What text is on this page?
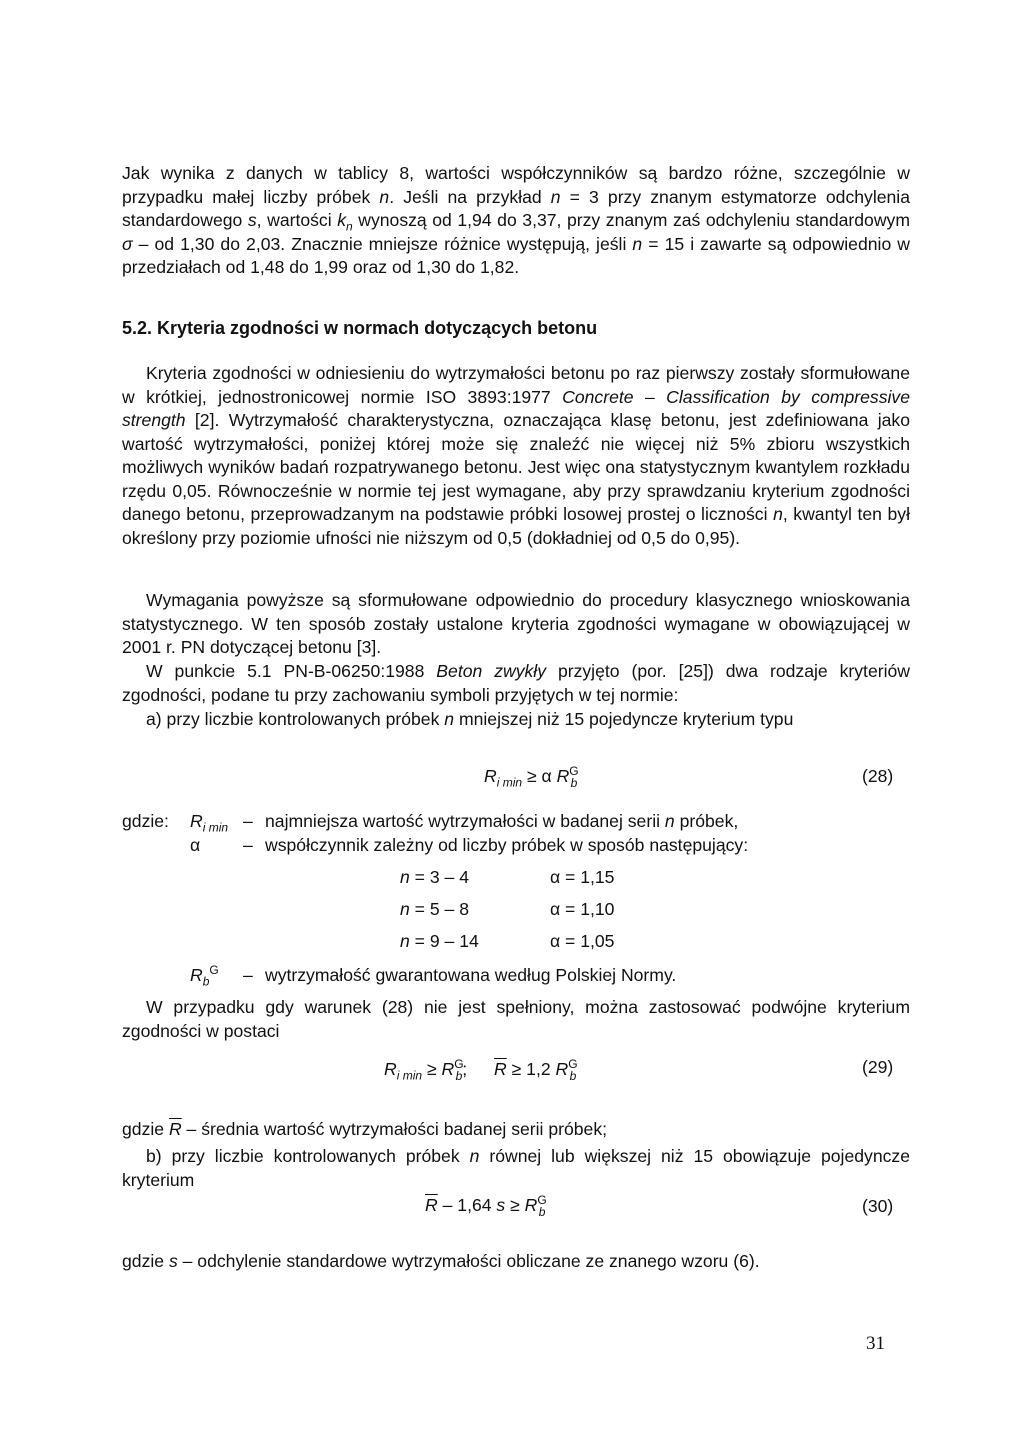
Jak wynika z danych w tablicy 8, wartości współczynników są bardzo różne, szczególnie w przypadku małej liczby próbek n. Jeśli na przykład n = 3 przy znanym estymatorze odchylenia standardowego s, wartości $k_n$ wynoszą od 1,94 do 3,37, przy znanym zaś odchyleniu standardowym σ – od 1,30 do 2,03. Znacznie mniejsze różnice występują, jeśli n = 15 i zawarte są odpowiednio w przedziałach od 1,48 do 1,99 oraz od 1,30 do 1,82.

5.2. Kryteria zgodności w normach dotyczących betonu

Kryteria zgodności w odniesieniu do wytrzymałości betonu po raz pierwszy zostały sformułowane w krótkiej, jednostronicowej normie ISO 3893:1977 Concrete – Classification by compressive strength [2]. Wytrzymałość charakterystyczna, oznaczająca klasę betonu, jest zdefiniowana jako wartość wytrzymałości, poniżej której może się znaleźć nie więcej niż 5% zbioru wszystkich możliwych wyników badań rozpatrywanego betonu. Jest więc ona statystycznym kwantylem rozkładu rzędu 0,05. Równocześnie w normie tej jest wymagane, aby przy sprawdzaniu kryterium zgodności danego betonu, przeprowadzanym na podstawie próbki losowej prostej o liczności n, kwantyl ten był określony przy poziomie ufności nie niższym od 0,5 (dokładniej od 0,5 do 0,95).

Wymagania powyższe są sformułowane odpowiednio do procedury klasycznego wnioskowania statystycznego. W ten sposób zostały ustalone kryteria zgodności wymagane w obowiązującej w 2001 r. PN dotyczącej betonu [3].

W punkcie 5.1 PN-B-06250:1988 Beton zwykły przyjęto (por. [25]) dwa rodzaje kryteriów zgodności, podane tu przy zachowaniu symboli przyjętych w tej normie:

a) przy liczbie kontrolowanych próbek n mniejszej niż 15 pojedyncze kryterium typu

$R_{i min} \ge \alpha$ $R^G_b$	(28)
gdzie: $R_{i min}$ – najmniejsza wartość wytrzymałości w badanej serii n próbek,
α – współczynnik zależny od liczby próbek w sposób następujący:
n = 3 – 4	α = 1,15
n = 5 – 8	α = 1,10
n = 9 – 14	α = 1,05
$R_b^G$ – wytrzymałość gwarantowana według Polskiej Normy.

W przypadku gdy warunek (28) nie jest spełniony, można zastosować podwójne kryterium zgodności w postaci

$R_{i min} \ge R^G_b$; $\overline{R} \ge 1,2$ $R^G_b$	(29)

gdzie $\overline{R}$ – średnia wartość wytrzymałości badanej serii próbek;

b) przy liczbie kontrolowanych próbek n równej lub większej niż 15 obowiązuje pojedyncze kryterium

$\overline{R} - 1,64$ $s \ge R^G_b$	(30)

gdzie s – odchylenie standardowe wytrzymałości obliczane ze znanego wzoru (6).

31
